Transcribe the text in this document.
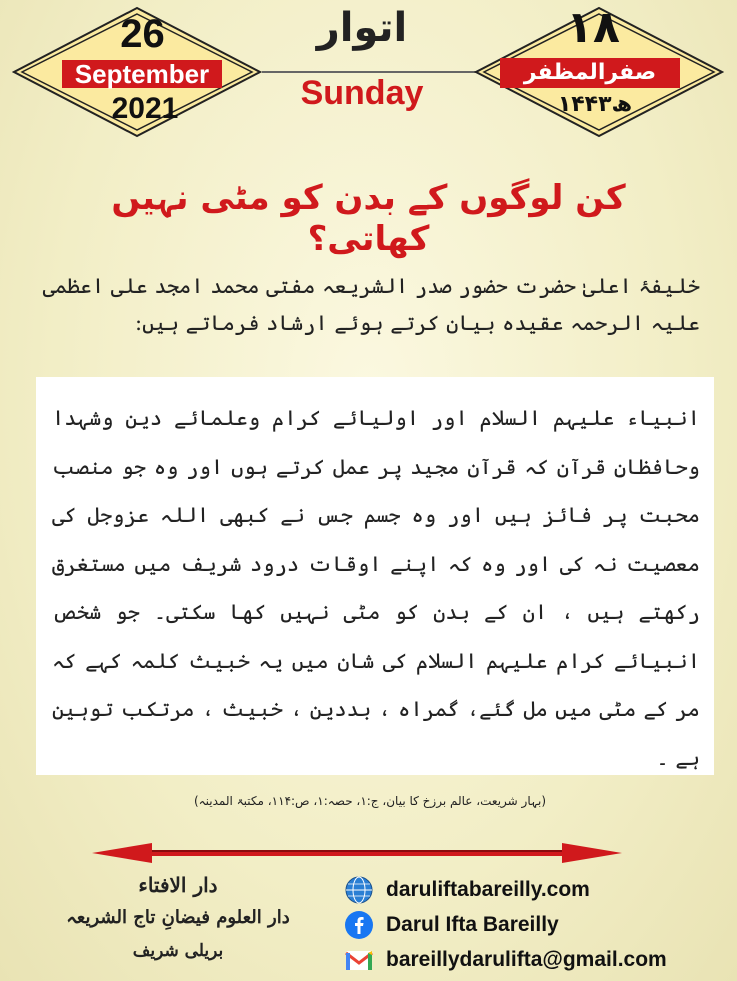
26
September
2021
اتوار
Sunday
۱۸
صفرالمظفر
۱۴۴۳ھ
کن لوگوں کے بدن کو مٹی نہیں کھاتی؟
خلیفۂ اعلیٰ حضرت حضور صدر الشریعہ مفتی محمد امجد علی اعظمی علیہ الرحمہ عقیدہ بیان کرتے ہوئے ارشاد فرماتے ہیں:
انبیاء علیہم السلام اور اولیائے کرام وعلمائے دین وشہدا وحافظانِ قرآن کہ قرآن مجید پر عمل کرتے ہوں اور وہ جو منصب محبت پر فائز ہیں اور وہ جسم جس نے کبھی اللہ عزوجل کی معصیت نہ کی اور وہ کہ اپنے اوقات درود شریف میں مستغرق رکھتے ہیں ، ان کے بدن کو مٹی نہیں کھا سکتی۔ جو شخص انبیائے کرام علیہم السلام کی شان میں یہ خبیث کلمہ کہے کہ مر کے مٹی میں مل گئے، گمراہ ، بددین ، خبیث ، مرتکب توہین ہے ۔
(بہار شریعت، عالم برزخ کا بیان، ج:۱، حصہ:۱، ص:۱۱۴، مکتبۃ المدینہ)
دار الافتاء
دار العلوم فیضانِ تاج الشریعہ
بریلی شریف
daruliftabareilly.com
Darul Ifta Bareilly
bareillydarulifta@gmail.com
